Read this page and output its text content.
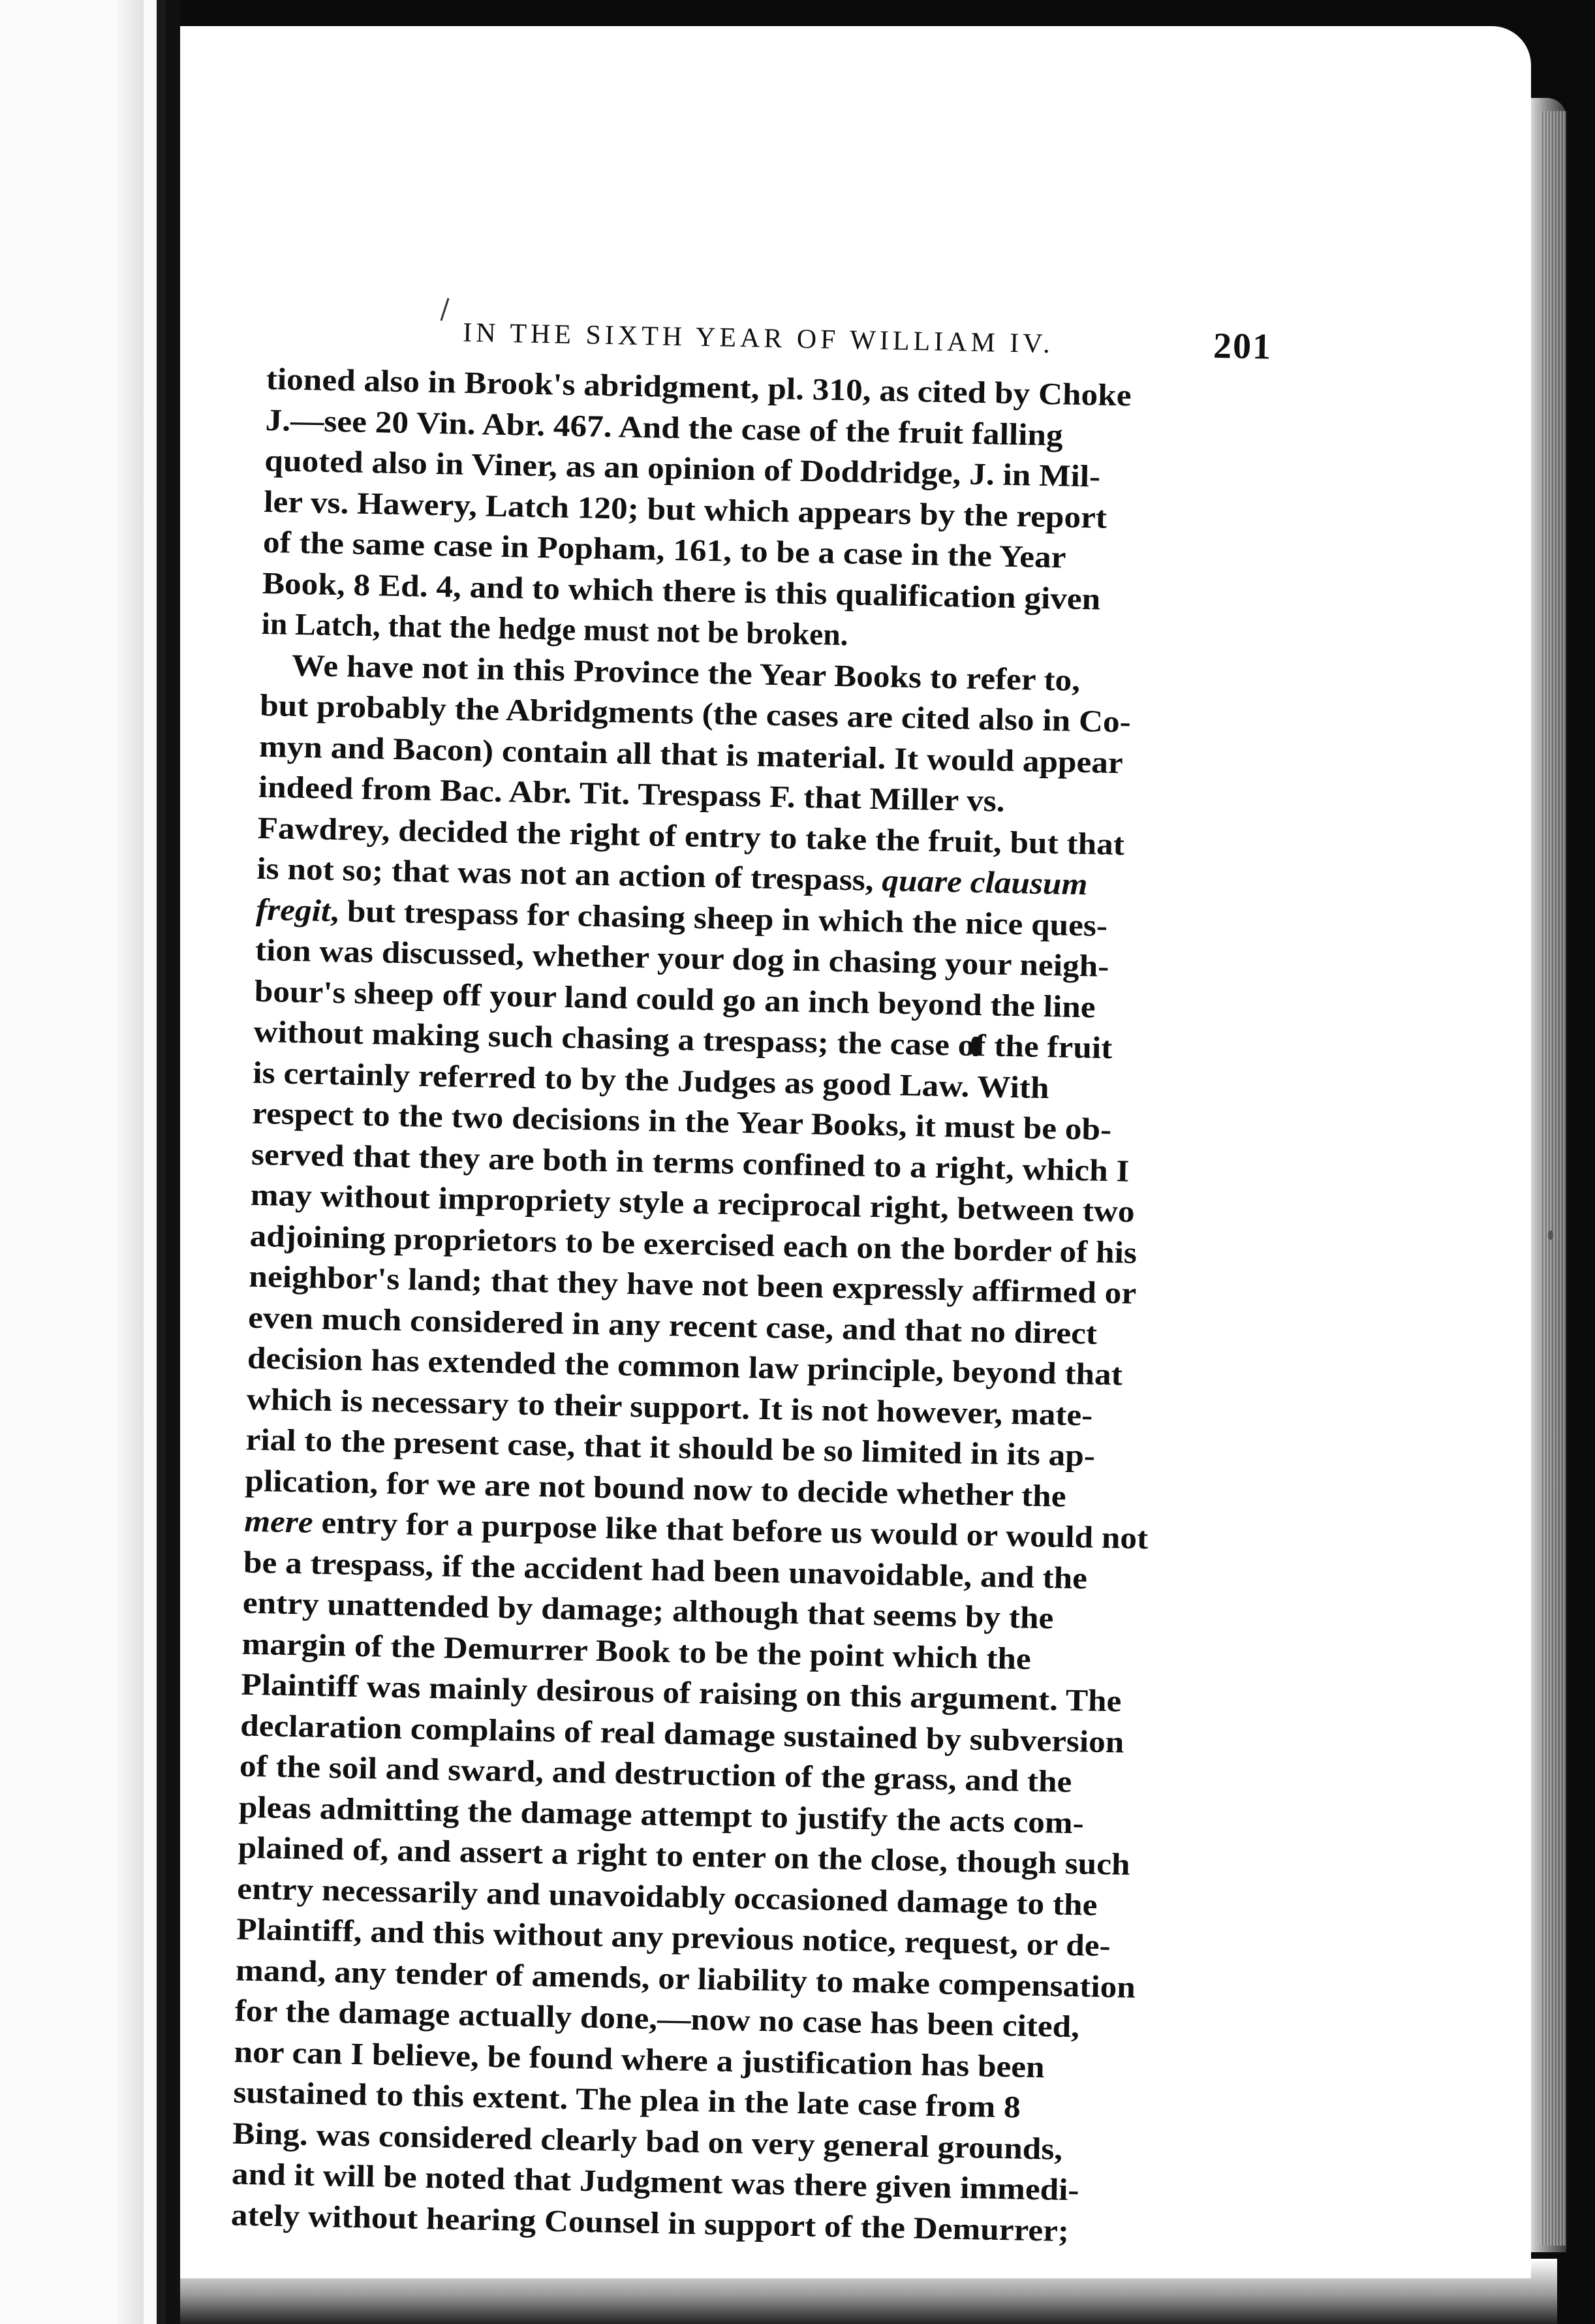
IN THE SIXTH YEAR OF WILLIAM IV.	201
tioned also in Brook's abridgment, pl. 310, as cited by Choke
J.—see 20 Vin. Abr. 467. And the case of the fruit falling
quoted also in Viner, as an opinion of Doddridge, J. in Mil-
ler vs. Hawery, Latch 120; but which appears by the report
of the same case in Popham, 161, to be a case in the Year
Book, 8 Ed. 4, and to which there is this qualification given
in Latch, that the hedge must not be broken.
We have not in this Province the Year Books to refer to,
but probably the Abridgments (the cases are cited also in Co-
myn and Bacon) contain all that is material. It would appear
indeed from Bac. Abr. Tit. Trespass F. that Miller vs.
Fawdrey, decided the right of entry to take the fruit, but that
is not so; that was not an action of trespass, quare clausum
fregit, but trespass for chasing sheep in which the nice ques-
tion was discussed, whether your dog in chasing your neigh-
bour's sheep off your land could go an inch beyond the line
without making such chasing a trespass; the case of the fruit
is certainly referred to by the Judges as good Law. With
respect to the two decisions in the Year Books, it must be ob-
served that they are both in terms confined to a right, which I
may without impropriety style a reciprocal right, between two
adjoining proprietors to be exercised each on the border of his
neighbor's land; that they have not been expressly affirmed or
even much considered in any recent case, and that no direct
decision has extended the common law principle, beyond that
which is necessary to their support. It is not however, mate-
rial to the present case, that it should be so limited in its ap-
plication, for we are not bound now to decide whether the
mere entry for a purpose like that before us would or would not
be a trespass, if the accident had been unavoidable, and the
entry unattended by damage; although that seems by the
margin of the Demurrer Book to be the point which the
Plaintiff was mainly desirous of raising on this argument. The
declaration complains of real damage sustained by subversion
of the soil and sward, and destruction of the grass, and the
pleas admitting the damage attempt to justify the acts com-
plained of, and assert a right to enter on the close, though such
entry necessarily and unavoidably occasioned damage to the
Plaintiff, and this without any previous notice, request, or de-
mand, any tender of amends, or liability to make compensation
for the damage actually done,—now no case has been cited,
nor can I believe, be found where a justification has been
sustained to this extent. The plea in the late case from 8
Bing. was considered clearly bad on very general grounds,
and it will be noted that Judgment was there given immedi-
ately without hearing Counsel in support of the Demurrer;
